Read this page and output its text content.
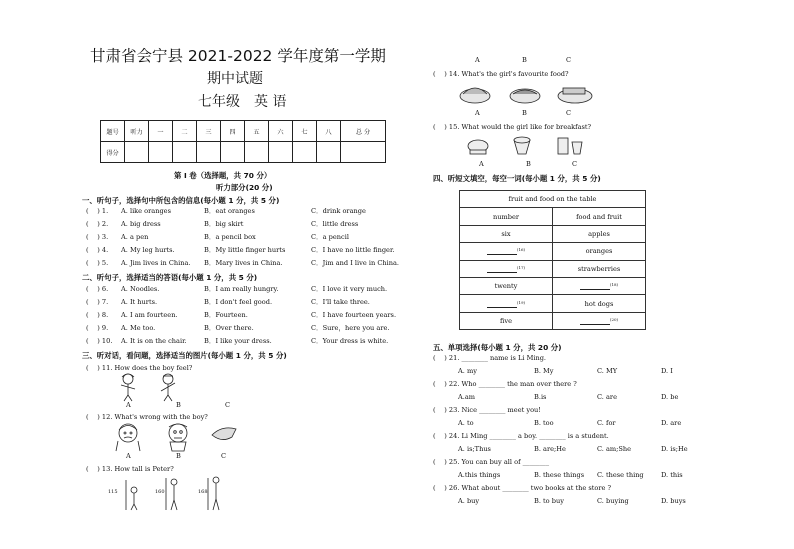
甘肃省会宁县 2021-2022 学年度第一学期
期中试题
七年级　英 语
题号	听力	一	二	三	四	五	六	七	八	总 分
得分										
第 I 卷（选择题，共 70 分）
听力部分(20 分)
一、听句子，选择句中所包含的信息(每小题 1 分，共 5 分)
(　 ) 1. A. like oranges	B．eat oranges	C．drink orange
(　 ) 2. A. big dress	B．big skirt	C．little dress
(　 ) 3. A. a pen	B．a pencil box	C．a pencil
(　 ) 4. A. My leg hurts.	B．My little finger hurts	C．I have no little finger.
(　 ) 5. A. Jim lives in China. B．Mary lives in China.	C．Jim and I live in China.
二、听句子，选择适当的答语(每小题 1 分，共 5 分)
(　 ) 6. A. Noodles.	B．I am really hungry.	C．I love it very much.
(　 ) 7. A. It hurts.	B．I don't feel good.	C．I'll take three.
(　 ) 8. A. I am fourteen.	B．Fourteen.	C．I have fourteen years.
(　 ) 9. A. Me too.	B．Over there.	C．Sure，here you are.
(　 ) 10. A. It is on the chair.	B．I like your dress.	C．Your dress is white.
三、听对话，看问题，选择适当的图片(每小题 1 分，共 5 分)
(　 ) 11. How does the boy feel?
A	B	C
(　 ) 12. What's wrong with the boy?
A	B	C
(　 ) 13. How tall is Peter?
115	160	168
A	B	C
(　 ) 14. What's the girl's favourite food?
A	B	C
(　 ) 15. What would the girl like for breakfast?
A	B	C
四、听短文填空，每空一词(每小题 1 分，共 5 分)
fruit and food on the table	
number	food and fruit
six	apples
$^{(16)}$	oranges
$^{(17)}$	strawberries
twenty	$^{(18)}$
$^{(19)}$	hot dogs
five	$^{(20)}$
五、单项选择(每小题 1 分，共 20 分)
(　 ) 21. ________ name is Li Ming.
A. my	B. My	C. MY	D. I
(　 ) 22. Who ________ the man over there ?
A.am	B.is	C. are	D. be
(　 ) 23. Nice ________ meet you!
A. to	B. too	C. for	D. are
(　 ) 24. Li Ming ________ a boy. ________ is a student.
A. is;Thus	B. are;He	C. am;She	D. is;He
(　 ) 25. You can buy all of ________
A.this things	B. these things C. these thing	D. this
(　 ) 26. What about ________ two books at the store ?
A. buy	B. to buy	C. buying	D. buys
